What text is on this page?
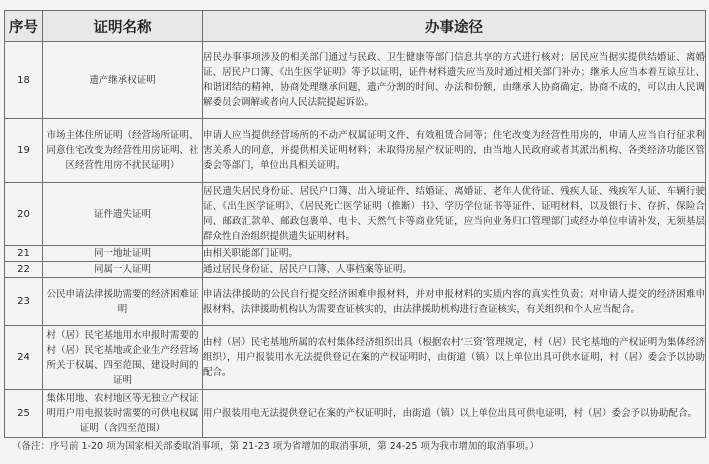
序号	证明名称	办事途径
18	遗产继承权证明	居民办事事项涉及的相关部门通过与民政、卫生健康等部门信息共享的方式进行核对；居民应当据实提供结婚证、离婚证、居民户口簿、《出生医学证明》等予以证明，证件材料遗失应当及时通过相关部门补办；继承人应当本着互谅互让、和谐团结的精神，协商处理继承问题，遗产分割的时间、办法和份额，由继承人协商确定，协商不成的，可以由人民调解委员会调解或者向人民法院提起诉讼。
19	市场主体住所证明（经营场所证明、同意住宅改变为经营性用房证明、社区经营性用房不扰民证明）	申请人应当提供经营场所的不动产权属证明文件、有效租赁合同等；住宅改变为经营性用房的，申请人应当自行征求利害关系人的同意，并提供相关证明材料；未取得房屋产权证明的，由当地人民政府或者其派出机构、各类经济功能区管委会等部门，单位出具相关证明。
20	证件遗失证明	居民遗失居民身份证、居民户口簿、出入境证件、结婚证、离婚证、老年人优待证、残疾人证、残疾军人证、车辆行驶证、《出生医学证明》、《居民死亡医学证明（推断）书》、学历学位证书等证件、证明材料，以及银行卡、存折、保险合同、邮政汇款单、邮政包裹单、电卡、天然气卡等商业凭证，应当向业务归口管理部门或经办单位申请补发，无须基层群众性自治组织提供遗失证明材料。
21	同一地址证明	由相关职能部门证明。
22	同属一人证明	通过居民身份证、居民户口簿、人事档案等证明。
23	公民申请法律援助需要的经济困难证明	申请法律援助的公民自行提交经济困难申报材料，并对申报材料的实质内容的真实性负责；对申请人提交的经济困难申报材料，法律援助机构认为需要查证核实的，由法律援助机构进行查证核实，有关组织和个人应当配合。
24	村（居）民宅基地用水申报时需要的村（居）民宅基地或企业生产经营场所关于权属、四至范围、建设时间的证明	由村（居）民宅基地所属的农村集体经济组织出具（根据农村‘三资’管理规定，村（居）民宅基地的产权证明为集体经济组织），用户报装用水无法提供登记在案的产权证明时，由街道（镇）以上单位出具可供水证明，村（居）委会予以协助配合。
25	集体用地、农村地区等无独立产权证明用户用电报装时需要的可供电权属证明（含四至范围）	用户报装用电无法提供登记在案的产权证明时，由街道（镇）以上单位出具可供电证明，村（居）委会予以协助配合。
（备注：序号前 1-20 项为国家相关部委取消事项，第 21-23 项为省增加的取消事项，第 24-25 项为我市增加的取消事项。）
